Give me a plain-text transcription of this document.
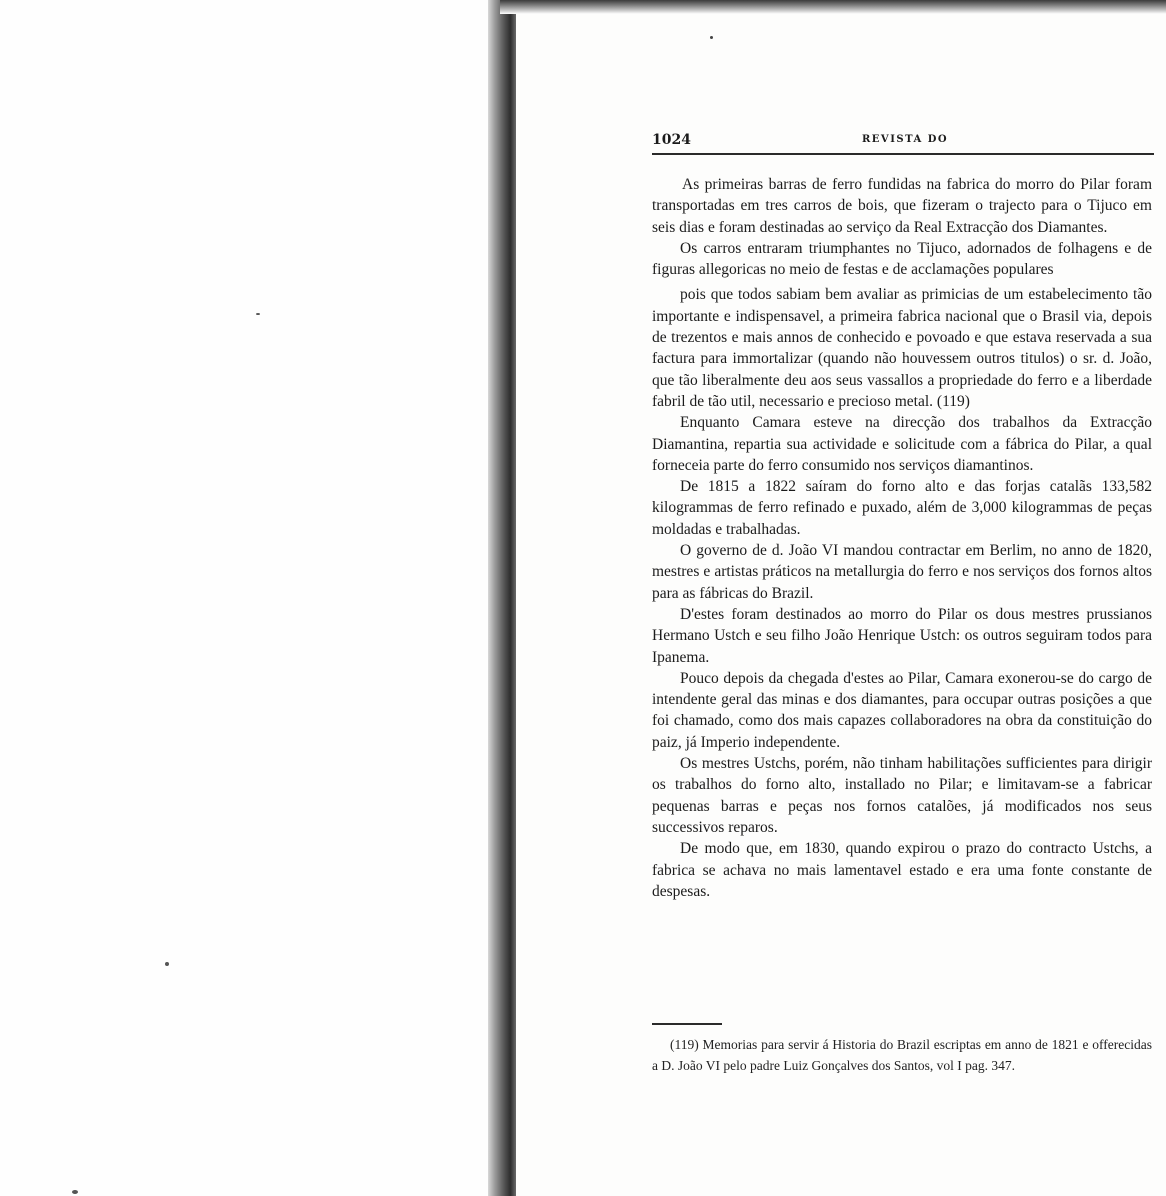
1024	REVISTA DO

As primeiras barras de ferro fundidas na fabrica do morro do Pilar foram transportadas em tres carros de bois, que fizeram o trajecto para o Tijuco em seis dias e foram destinadas ao serviço da Real Extracção dos Diamantes.

Os carros entraram triumphantes no Tijuco, adornados de folhagens e de figuras allegoricas no meio de festas e de acclamações populares

pois que todos sabiam bem avaliar as primicias de um estabelecimento tão importante e indispensavel, a primeira fabrica nacional que o Brasil via, depois de trezentos e mais annos de conhecido e povoado e que estava reservada a sua factura para immortalizar (quando não houvessem outros titulos) o sr. d. João, que tão liberalmente deu aos seus vassallos a propriedade do ferro e a liberdade fabril de tão util, necessario e precioso metal. (119)

Enquanto Camara esteve na direcção dos trabalhos da Extracção Diamantina, repartia sua actividade e solicitude com a fábrica do Pilar, a qual forneceia parte do ferro consumido nos serviços diamantinos.

De 1815 a 1822 saíram do forno alto e das forjas catalãs 133,582 kilogrammas de ferro refinado e puxado, além de 3,000 kilogrammas de peças moldadas e trabalhadas.

O governo de d. João VI mandou contractar em Berlim, no anno de 1820, mestres e artistas práticos na metallurgia do ferro e nos serviços dos fornos altos para as fábricas do Brazil.

D'estes foram destinados ao morro do Pilar os dous mestres prussianos Hermano Ustch e seu filho João Henrique Ustch: os outros seguiram todos para Ipanema.

Pouco depois da chegada d'estes ao Pilar, Camara exonerou-se do cargo de intendente geral das minas e dos diamantes, para occupar outras posições a que foi chamado, como dos mais capazes collaboradores na obra da constituição do paiz, já Imperio independente.

Os mestres Ustchs, porém, não tinham habilitações sufficientes para dirigir os trabalhos do forno alto, installado no Pilar; e limitavam-se a fabricar pequenas barras e peças nos fornos catalões, já modificados nos seus successivos reparos.

De modo que, em 1830, quando expirou o prazo do contracto Ustchs, a fabrica se achava no mais lamentavel estado e era uma fonte constante de despesas.

(119) Memorias para servir á Historia do Brazil escriptas em anno de 1821 e offerecidas a D. João VI pelo padre Luiz Gonçalves dos Santos, vol I pag. 347.
